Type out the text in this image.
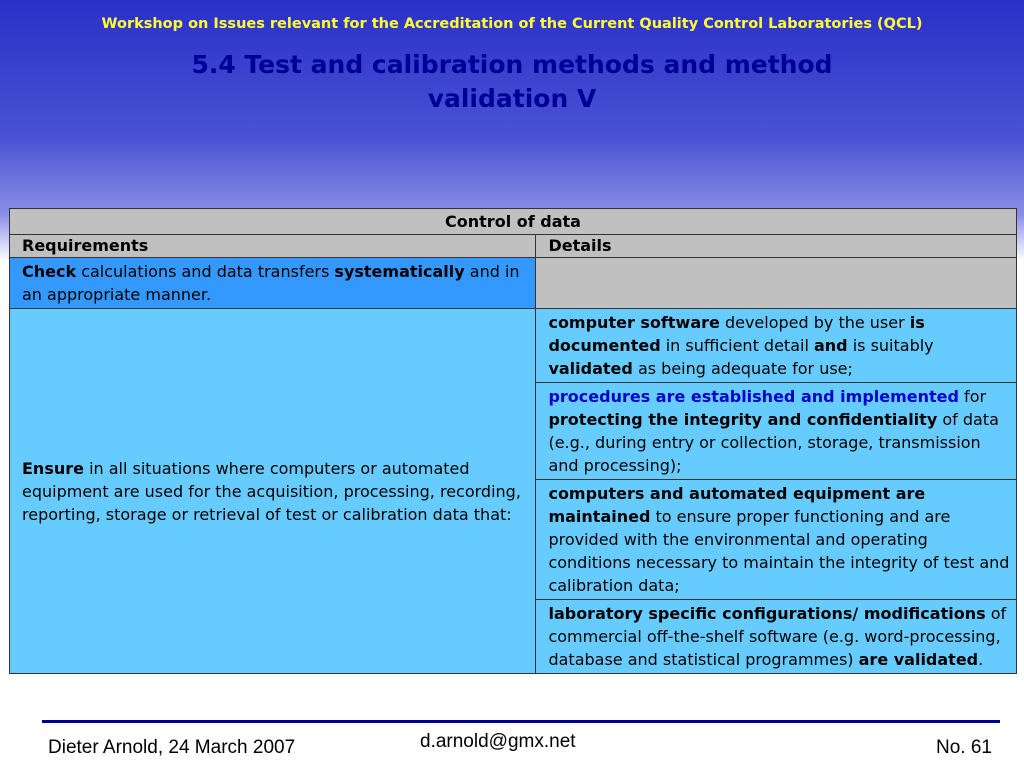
Workshop on Issues relevant for the Accreditation of the Current Quality Control Laboratories (QCL)
5.4 Test and calibration methods and method
validation V
Control of data	
Requirements	Details
Check calculations and data transfers systematically and in an appropriate manner.	
Ensure in all situations where computers or automated equipment are used for the acquisition, processing, recording, reporting, storage or retrieval of test or calibration data that:	computer software developed by the user is documented in sufficient detail and is suitably validated as being adequate for use;
	procedures are established and implemented for protecting the integrity and confidentiality of data (e.g., during entry or collection, storage, transmission and processing);
	computers and automated equipment are maintained to ensure proper functioning and are provided with the environmental and operating conditions necessary to maintain the integrity of test and calibration data;
	laboratory specific configurations/ modifications of commercial off-the-shelf software (e.g. word-processing, database and statistical programmes) are validated.
Dieter Arnold, 24 March 2007	d.arnold@gmx.net	No. 61
